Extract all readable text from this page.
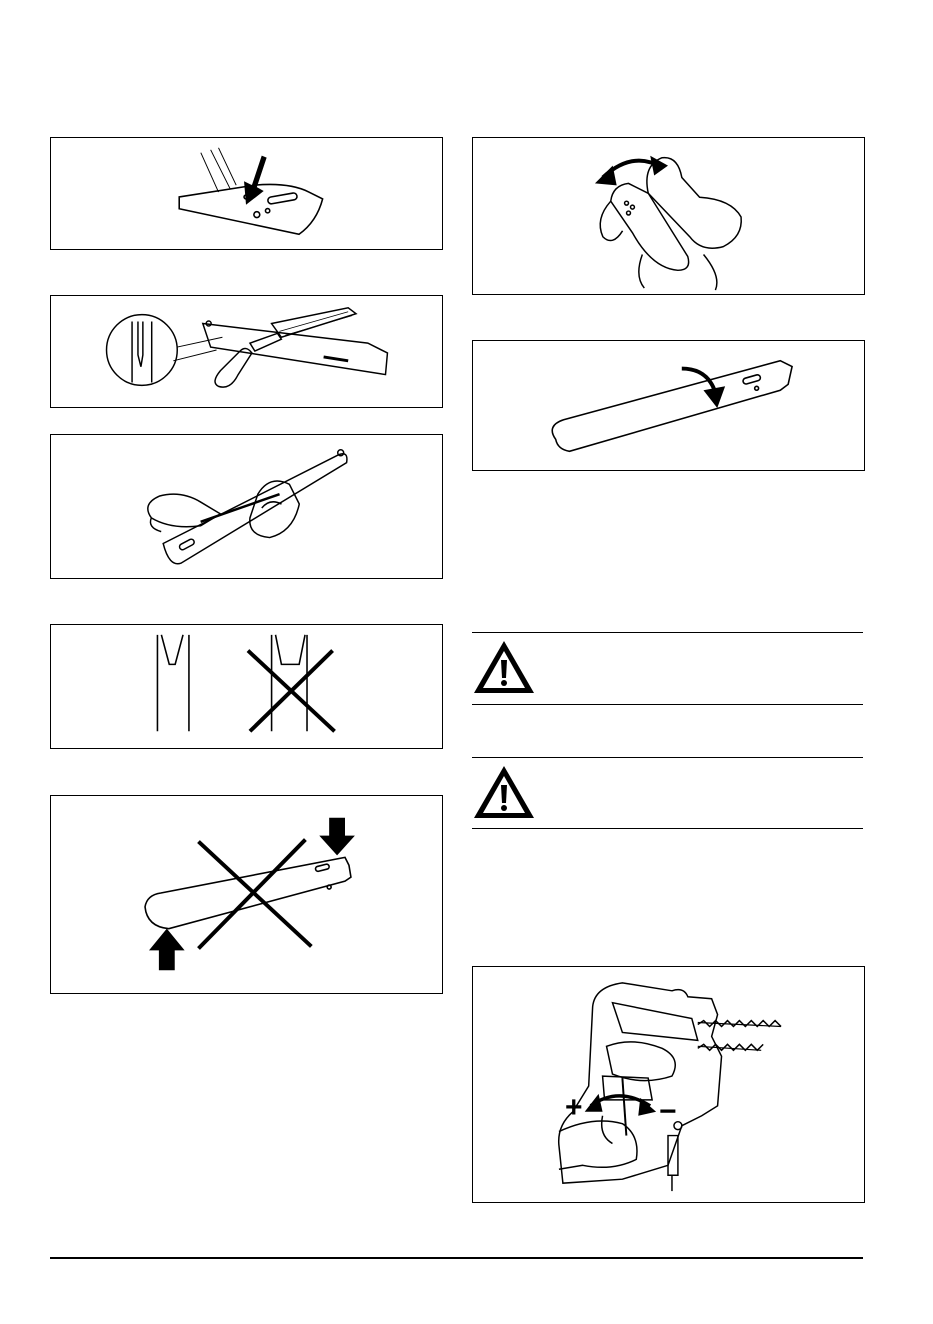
+	−
